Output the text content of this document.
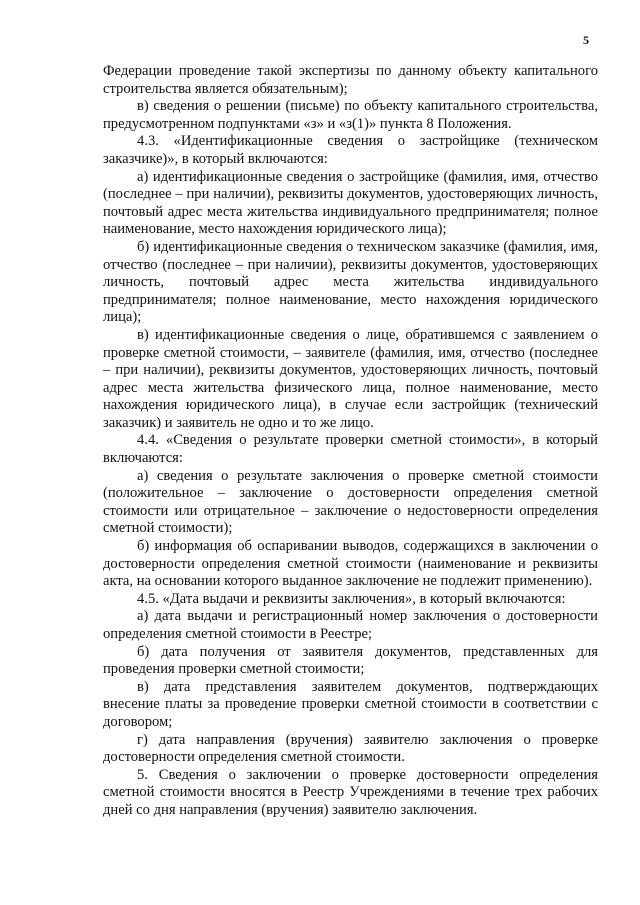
5

Федерации проведение такой экспертизы по данному объекту капитального строительства является обязательным);

в) сведения о решении (письме) по объекту капитального строительства, предусмотренном подпунктами «з» и «з(1)» пункта 8 Положения.

4.3. «Идентификационные сведения о застройщике (техническом заказчике)», в который включаются:

а) идентификационные сведения о застройщике (фамилия, имя, отчество (последнее – при наличии), реквизиты документов, удостоверяющих личность, почтовый адрес места жительства индивидуального предпринимателя; полное наименование, место нахождения юридического лица);

б) идентификационные сведения о техническом заказчике (фамилия, имя, отчество (последнее – при наличии), реквизиты документов, удостоверяющих личность, почтовый адрес места жительства индивидуального предпринимателя; полное наименование, место нахождения юридического лица);

в) идентификационные сведения о лице, обратившемся с заявлением о проверке сметной стоимости, – заявителе (фамилия, имя, отчество (последнее – при наличии), реквизиты документов, удостоверяющих личность, почтовый адрес места жительства физического лица, полное наименование, место нахождения юридического лица), в случае если застройщик (технический заказчик) и заявитель не одно и то же лицо.

4.4. «Сведения о результате проверки сметной стоимости», в который включаются:

а) сведения о результате заключения о проверке сметной стоимости (положительное – заключение о достоверности определения сметной стоимости или отрицательное – заключение о недостоверности определения сметной стоимости);

б) информация об оспаривании выводов, содержащихся в заключении о достоверности определения сметной стоимости (наименование и реквизиты акта, на основании которого выданное заключение не подлежит применению).

4.5. «Дата выдачи и реквизиты заключения», в который включаются:

а) дата выдачи и регистрационный номер заключения о достоверности определения сметной стоимости в Реестре;

б) дата получения от заявителя документов, представленных для проведения проверки сметной стоимости;

в) дата представления заявителем документов, подтверждающих внесение платы за проведение проверки сметной стоимости в соответствии с договором;

г) дата направления (вручения) заявителю заключения о проверке достоверности определения сметной стоимости.

5. Сведения о заключении о проверке достоверности определения сметной стоимости вносятся в Реестр Учреждениями в течение трех рабочих дней со дня направления (вручения) заявителю заключения.
